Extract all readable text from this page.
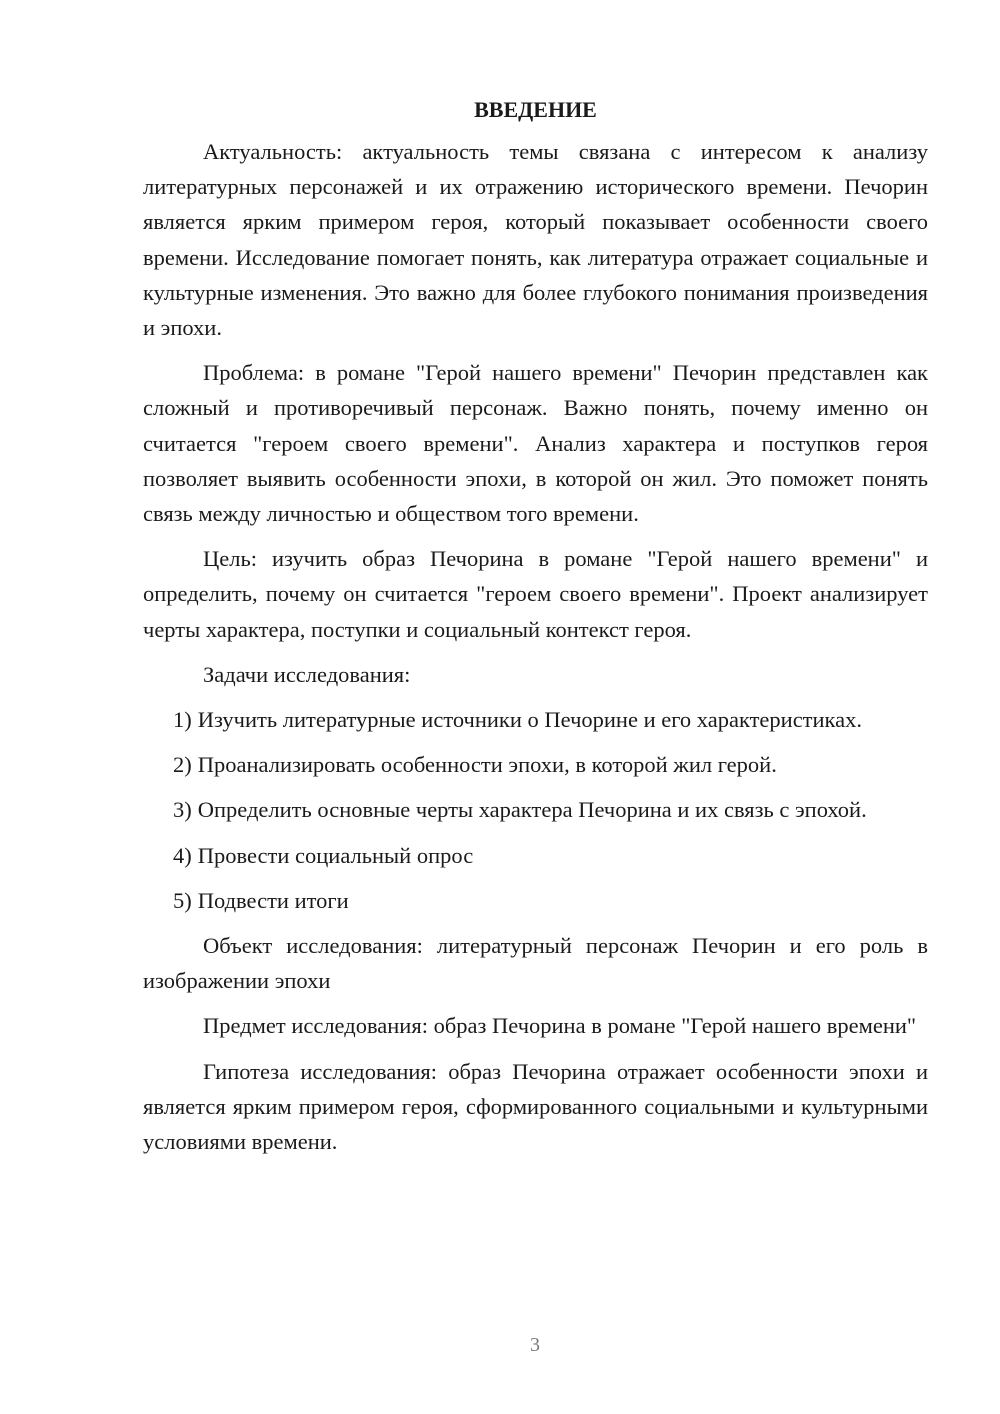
ВВЕДЕНИЕ

Актуальность: актуальность темы связана с интересом к анализу литературных персонажей и их отражению исторического времени. Печорин является ярким примером героя, который показывает особенности своего времени. Исследование помогает понять, как литература отражает социальные и культурные изменения. Это важно для более глубокого понимания произведения и эпохи.

Проблема: в романе "Герой нашего времени" Печорин представлен как сложный и противоречивый персонаж. Важно понять, почему именно он считается "героем своего времени". Анализ характера и поступков героя позволяет выявить особенности эпохи, в которой он жил. Это поможет понять связь между личностью и обществом того времени.

Цель: изучить образ Печорина в романе "Герой нашего времени" и определить, почему он считается "героем своего времени". Проект анализирует черты характера, поступки и социальный контекст героя.

Задачи исследования:

1) Изучить литературные источники о Печорине и его характеристиках.

2) Проанализировать особенности эпохи, в которой жил герой.

3) Определить основные черты характера Печорина и их связь с эпохой.

4) Провести социальный опрос

5) Подвести итоги

Объект исследования: литературный персонаж Печорин и его роль в изображении эпохи

Предмет исследования: образ Печорина в романе "Герой нашего времени"

Гипотеза исследования: образ Печорина отражает особенности эпохи и является ярким примером героя, сформированного социальными и культурными условиями времени.

3
